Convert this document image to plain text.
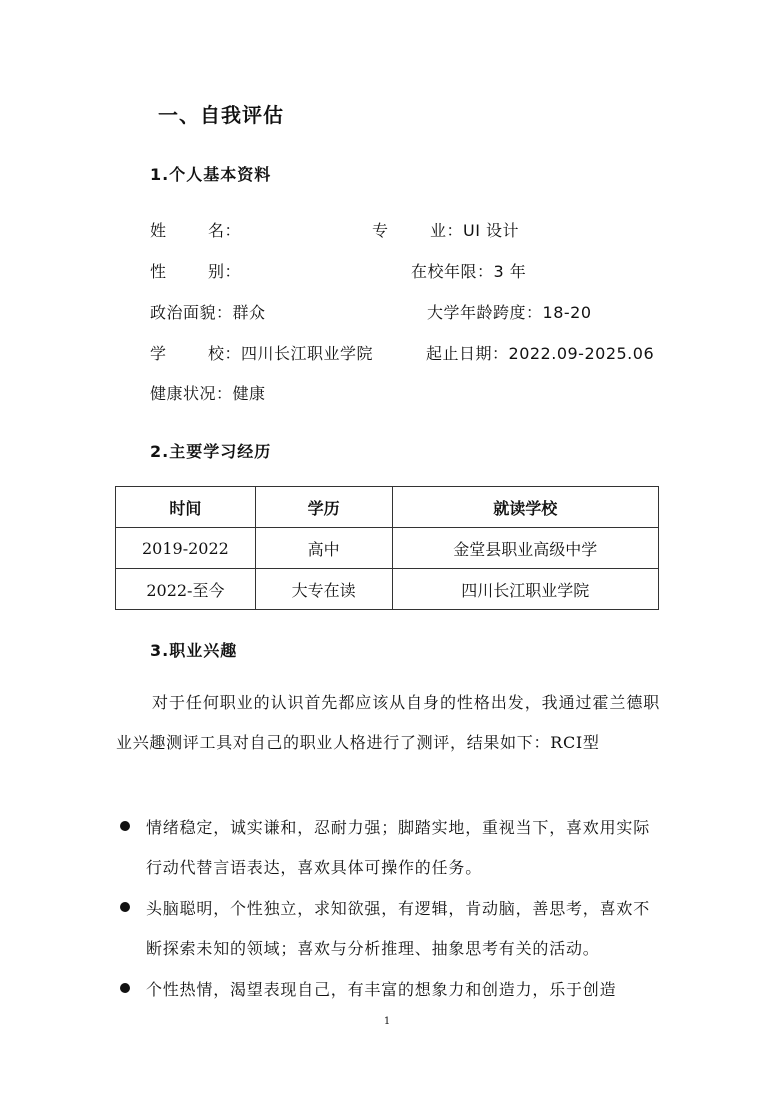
一、自我评估
1.个人基本资料
姓	名：	专	业：UI 设计
性	别：	在校年限：3 年
政治面貌：群众	大学年龄跨度：18-20
学	校：四川长江职业学院	起止日期：2022.09-2025.06
健康状况：健康
2.主要学习经历
时间	学历	就读学校
2019-2022	高中	金堂县职业高级中学
2022-至今	大专在读	四川长江职业学院
3.职业兴趣
对于任何职业的认识首先都应该从自身的性格出发，我通过霍兰德职业兴趣测评工具对自己的职业人格进行了测评，结果如下：RCI型
情绪稳定，诚实谦和，忍耐力强；脚踏实地，重视当下，喜欢用实际行动代替言语表达，喜欢具体可操作的任务。
头脑聪明，个性独立，求知欲强，有逻辑，肯动脑，善思考，喜欢不断探索未知的领域；喜欢与分析推理、抽象思考有关的活动。
个性热情，渴望表现自己，有丰富的想象力和创造力，乐于创造
1
